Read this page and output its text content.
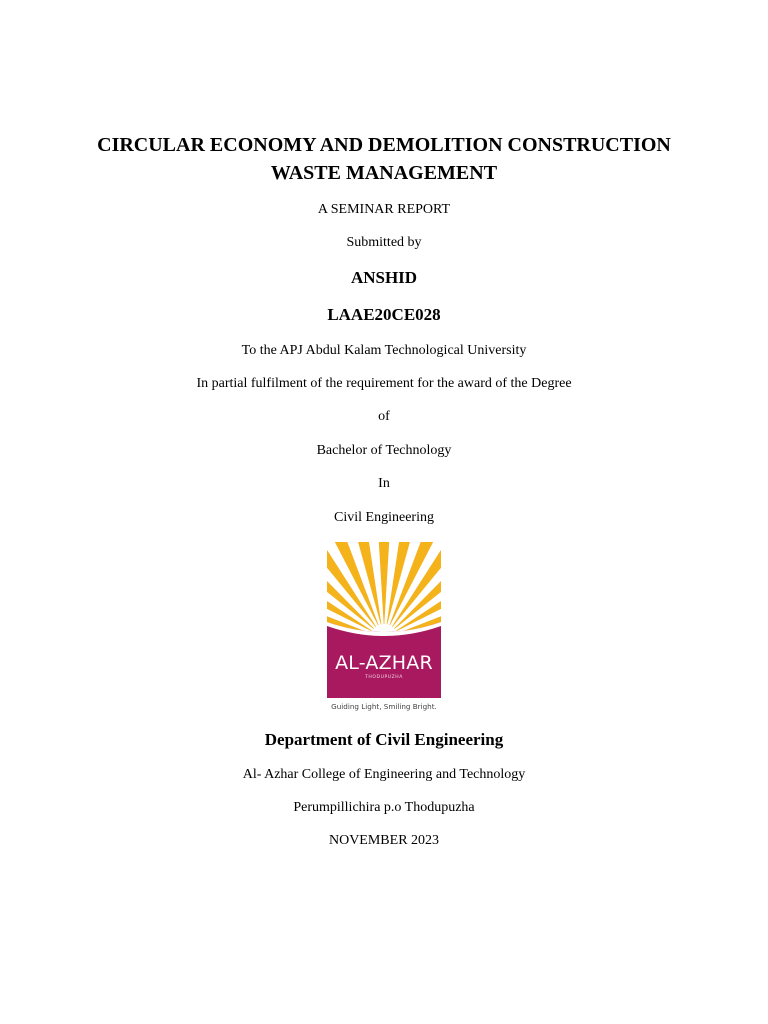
CIRCULAR ECONOMY AND DEMOLITION CONSTRUCTION
WASTE MANAGEMENT
A SEMINAR REPORT
Submitted by
ANSHID
LAAE20CE028
To the APJ Abdul Kalam Technological University
In partial fulfilment of the requirement for the award of the Degree
of
Bachelor of Technology
In
Civil Engineering
AL-AZHAR
THODUPUZHA
Guiding Light, Smiling Bright.
Department of Civil Engineering
Al- Azhar College of Engineering and Technology
Perumpillichira p.o Thodupuzha
NOVEMBER 2023
